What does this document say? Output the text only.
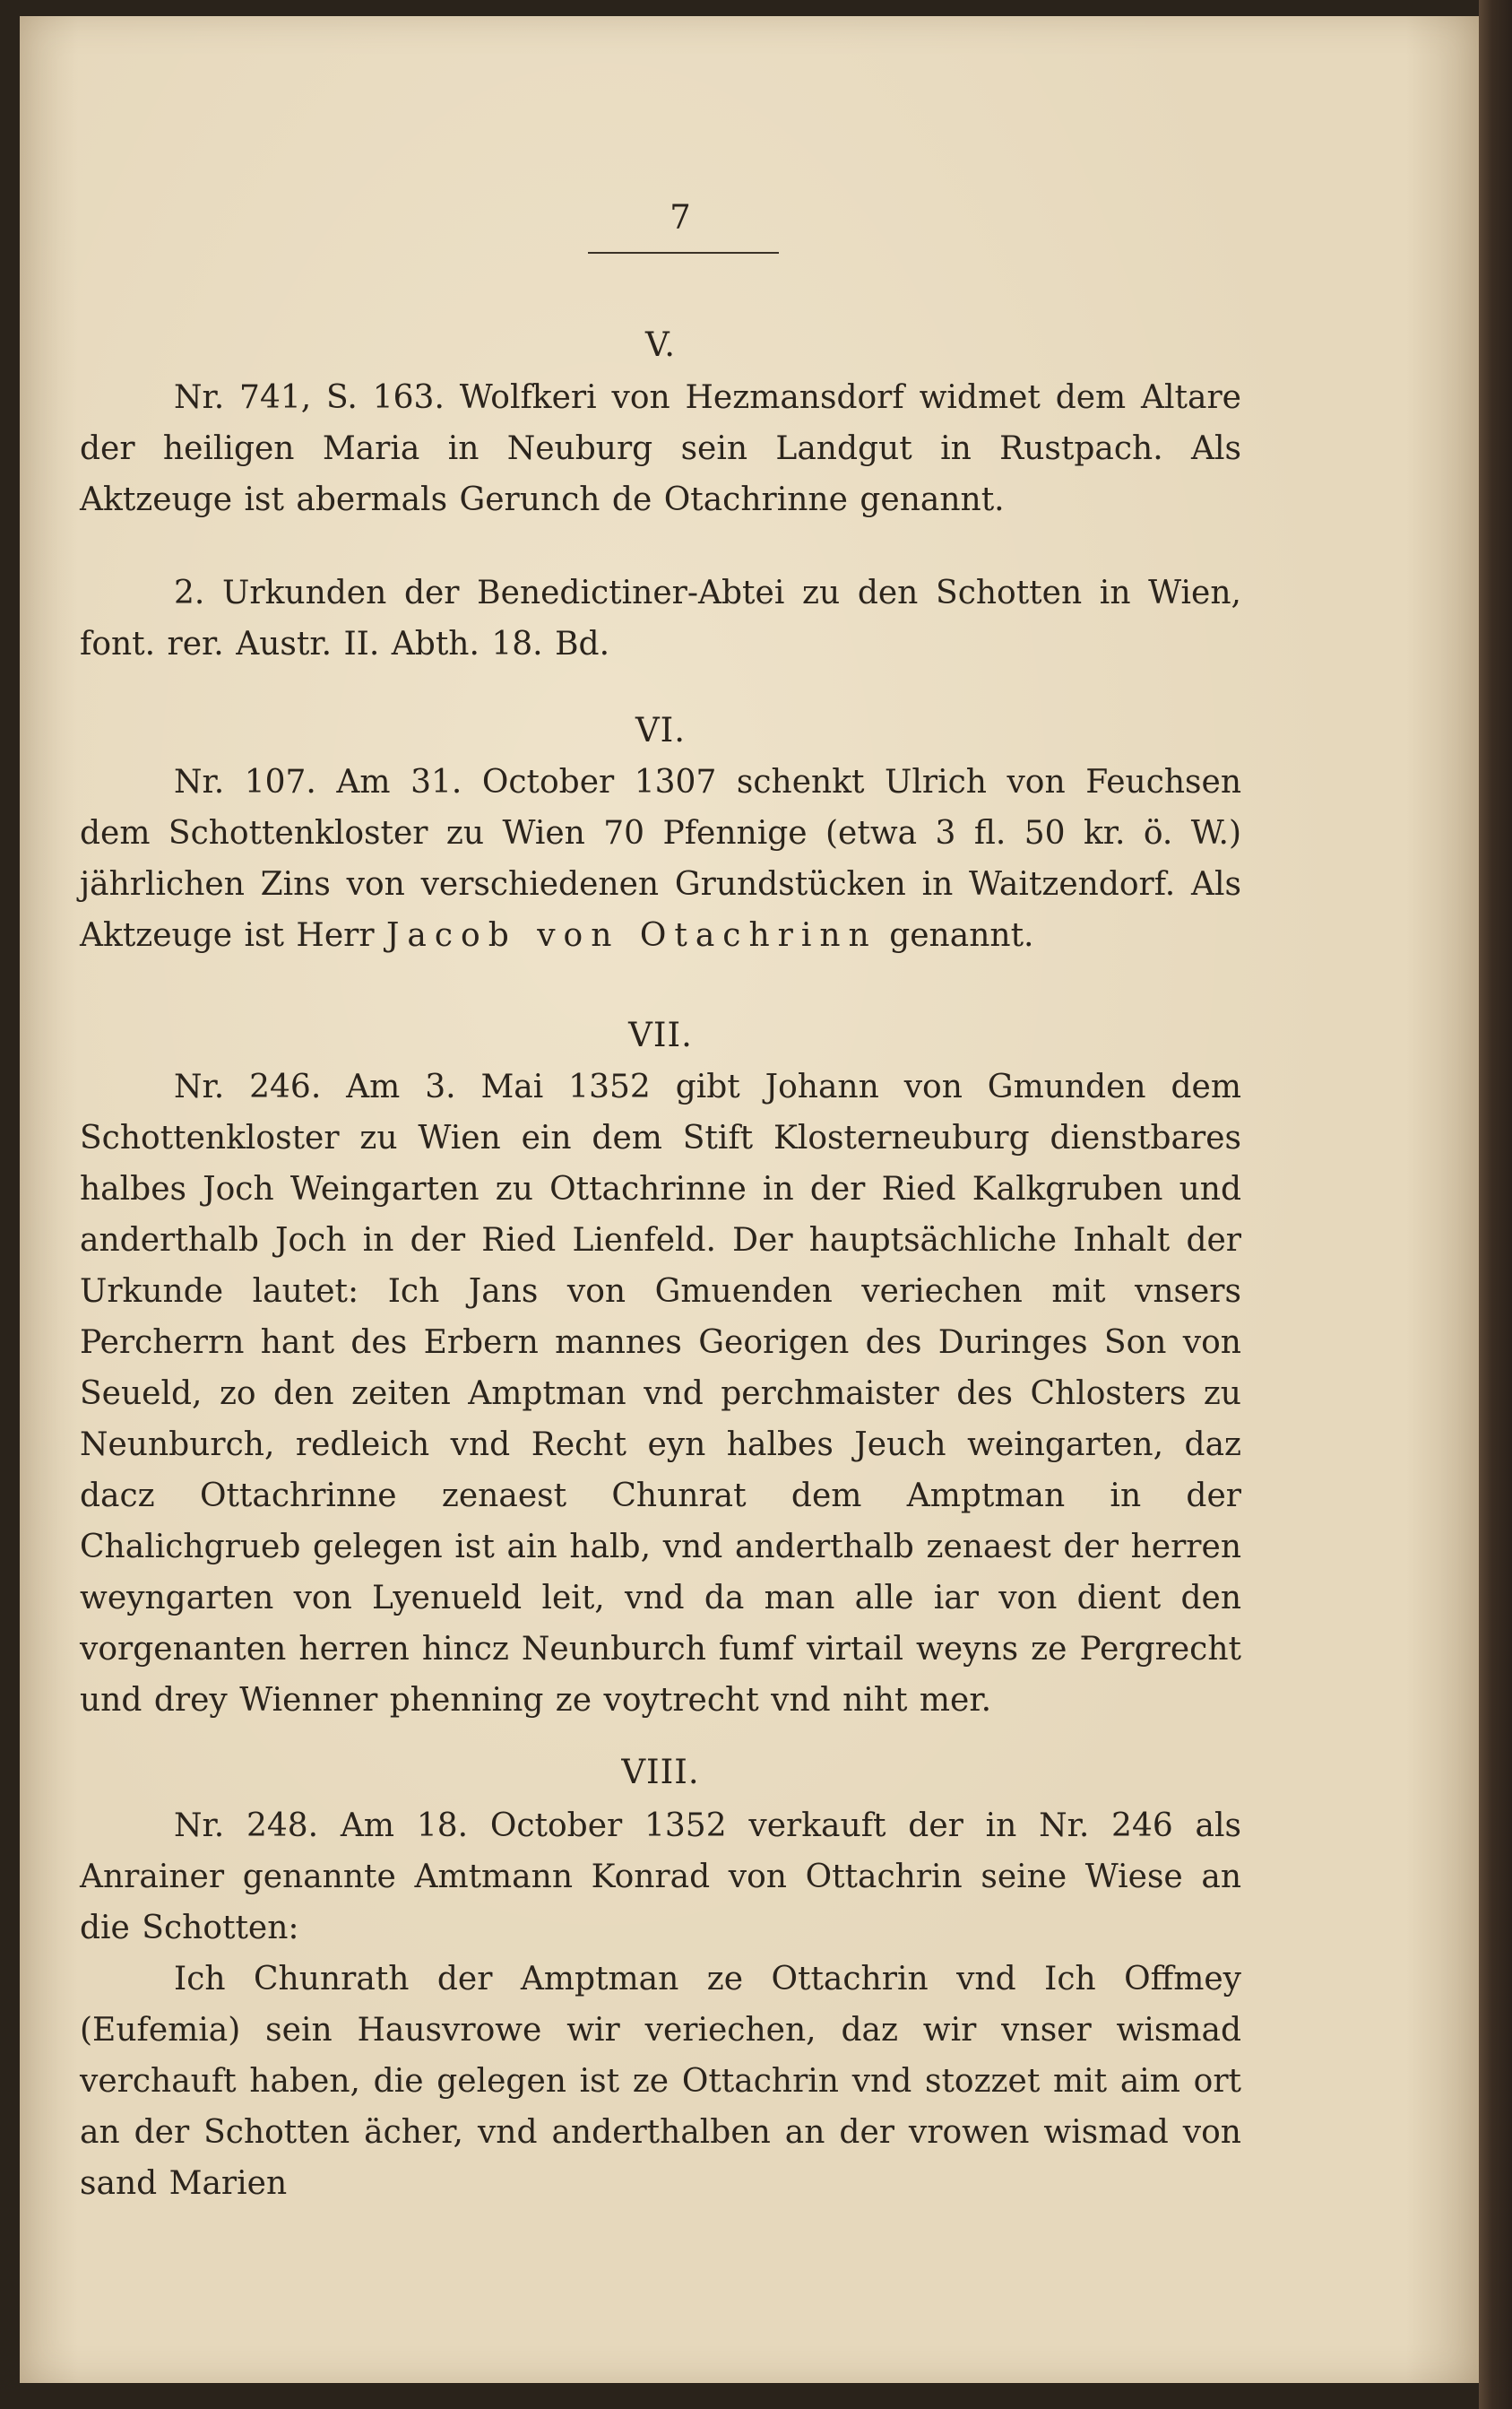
7
V.

Nr. 741, S. 163. Wolfkeri von Hezmansdorf widmet dem Altare der heiligen Maria in Neuburg sein Landgut in Rustpach. Als Aktzeuge ist abermals Gerunch de Otachrinne genannt.

2. Urkunden der Benedictiner-Abtei zu den Schotten in Wien, font. rer. Austr. II. Abth. 18. Bd.

VI.

Nr. 107. Am 31. October 1307 schenkt Ulrich von Feuchsen dem Schottenkloster zu Wien 70 Pfennige (etwa 3 fl. 50 kr. ö. W.) jährlichen Zins von verschiedenen Grundstücken in Waitzendorf. Als Aktzeuge ist Herr Jacob von Otachrinn genannt.

VII.

Nr. 246. Am 3. Mai 1352 gibt Johann von Gmunden dem Schottenkloster zu Wien ein dem Stift Klosterneuburg dienstbares halbes Joch Weingarten zu Ottachrinne in der Ried Kalkgruben und anderthalb Joch in der Ried Lienfeld. Der hauptsächliche Inhalt der Urkunde lautet: Ich Jans von Gmuenden veriechen mit vnsers Percherrn hant des Erbern mannes Georigen des Duringes Son von Seueld, zo den zeiten Amptman vnd perchmaister des Chlosters zu Neunburch, redleich vnd Recht eyn halbes Jeuch weingarten, daz dacz Ottachrinne zenaest Chunrat dem Amptman in der Chalichgrueb gelegen ist ain halb, vnd anderthalb zenaest der herren weyngarten von Lyenueld leit, vnd da man alle iar von dient den vorgenanten herren hincz Neunburch fumf virtail weyns ze Pergrecht und drey Wienner phenning ze voytrecht vnd niht mer.

VIII.

Nr. 248. Am 18. October 1352 verkauft der in Nr. 246 als Anrainer genannte Amtmann Konrad von Ottachrin seine Wiese an die Schotten:

Ich Chunrath der Amptman ze Ottachrin vnd Ich Offmey (Eufemia) sein Hausvrowe wir veriechen, daz wir vnser wismad verchauft haben, die gelegen ist ze Ottachrin vnd stozzet mit aim ort an der Schotten ächer, vnd anderthalben an der vrowen wismad von sand Marien
